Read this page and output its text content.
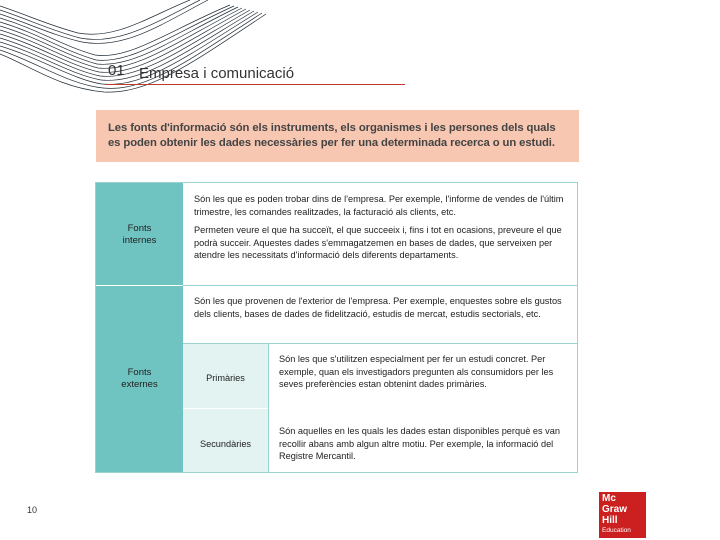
01 Empresa i comunicació
Les fonts d'informació són els instruments, els organismes i les persones dels quals es poden obtenir les dades necessàries per fer una determinada recerca o un estudi.
Fonts
internes
Són les que es poden trobar dins de l'empresa. Per exemple, l'informe de vendes de l'últim trimestre, les comandes realitzades, la facturació als clients, etc.
Permeten veure el que ha succeït, el que succeeix i, fins i tot en ocasions, preveure el que podrà succeir. Aquestes dades s'emmagatzemen en bases de dades, que serveixen per atendre les necessitats d'informació dels diferents departaments.
Fonts
externes
Són les que provenen de l'exterior de l'empresa. Per exemple, enquestes sobre els gustos dels clients, bases de dades de fidelització, estudis de mercat, estudis sectorials, etc.
Primàries
Són les que s'utilitzen especialment per fer un estudi concret. Per exemple, quan els investigadors pregunten als consumidors per les seves preferències estan obtenint dades primàries.
Secundàries
Són aquelles en les quals les dades estan disponibles perquè es van recollir abans amb algun altre motiu. Per exemple, la informació del Registre Mercantil.
10
Mc
Graw
Hill
Education
